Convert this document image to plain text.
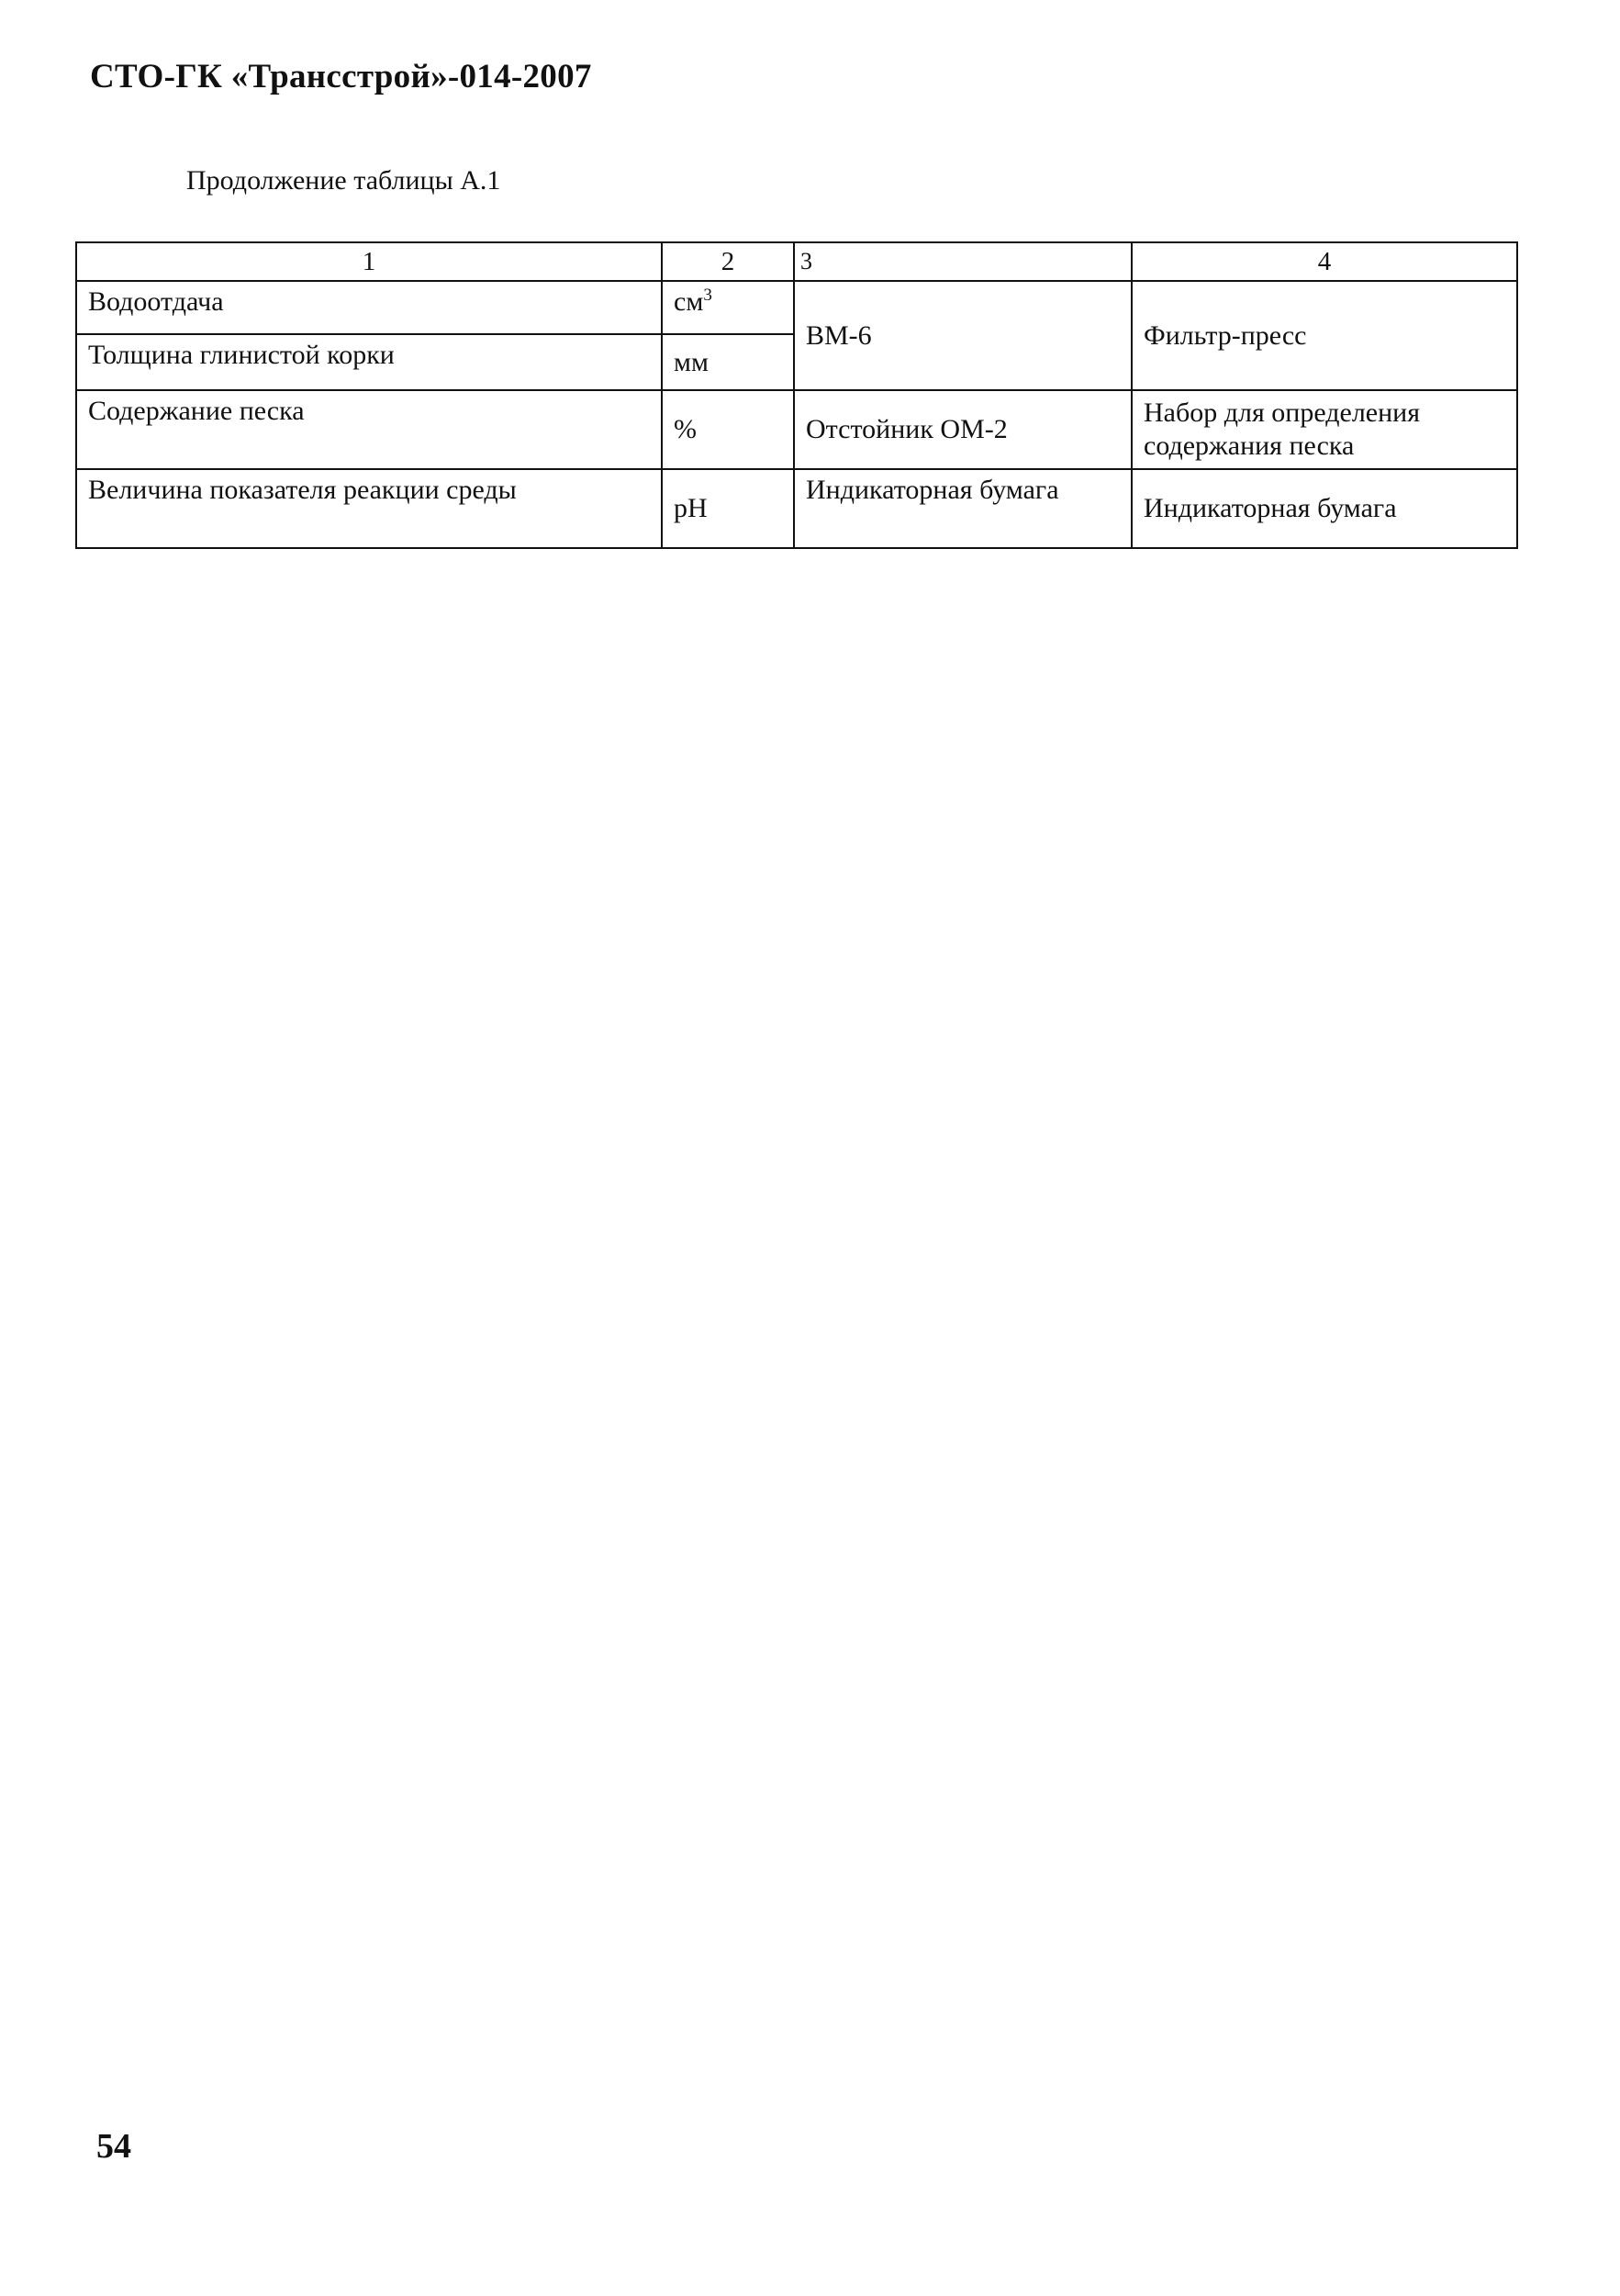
СТО-ГК «Трансстрой»-014-2007
Продолжение таблицы А.1
1	2	3	4
Водоотдача	$см^3$	ВМ-6	Фильтр-пресс
Толщина глинистой корки	мм		
Содержание песка	%	Отстойник ОМ-2	Набор для определения содержания песка
Величина показателя реакции среды	pH	Индикаторная бумага	Индикаторная бумага
54
